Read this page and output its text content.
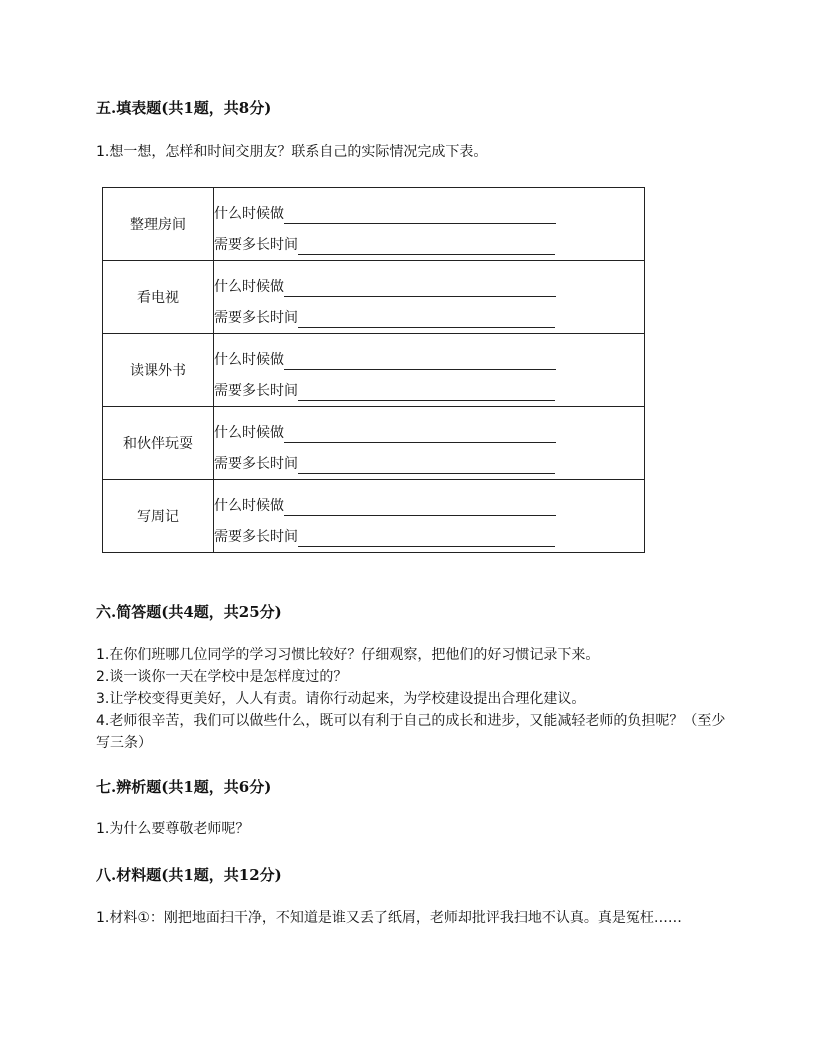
五.填表题(共1题，共8分)
1.想一想，怎样和时间交朋友？联系自己的实际情况完成下表。
整理房间	什么时候做
需要多长时间

看电视	什么时候做
需要多长时间

读课外书	什么时候做
需要多长时间

和伙伴玩耍	什么时候做
需要多长时间

写周记	什么时候做
需要多长时间
六.简答题(共4题，共25分)
1.在你们班哪几位同学的学习习惯比较好？仔细观察，把他们的好习惯记录下来。
2.谈一谈你一天在学校中是怎样度过的？
3.让学校变得更美好，人人有责。请你行动起来，为学校建设提出合理化建议。
4.老师很辛苦，我们可以做些什么，既可以有利于自己的成长和进步，又能减轻老师的负担呢？（至少写三条）
七.辨析题(共1题，共6分)
1.为什么要尊敬老师呢？
八.材料题(共1题，共12分)
1.材料①：刚把地面扫干净，不知道是谁又丢了纸屑，老师却批评我扫地不认真。真是冤枉……
